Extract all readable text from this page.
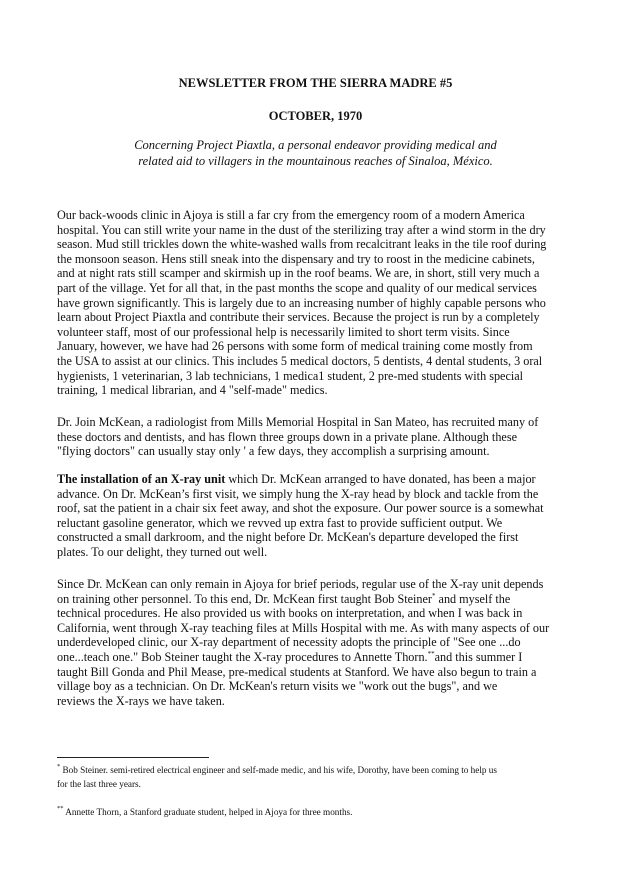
NEWSLETTER FROM THE SIERRA MADRE #5
OCTOBER, 1970
Concerning Project Piaxtla, a personal endeavor providing medical and
related aid to villagers in the mountainous reaches of Sinaloa, México.
Our back-woods clinic in Ajoya is still a far cry from the emergency room of a modern America
hospital. You can still write your name in the dust of the sterilizing tray after a wind storm in the dry
season. Mud still trickles down the white-washed walls from recalcitrant leaks in the tile roof during
the monsoon season. Hens still sneak into the dispensary and try to roost in the medicine cabinets,
and at night rats still scamper and skirmish up in the roof beams. We are, in short, still very much a
part of the village. Yet for all that, in the past months the scope and quality of our medical services
have grown significantly. This is largely due to an increasing number of highly capable persons who
learn about Project Piaxtla and contribute their services. Because the project is run by a completely
volunteer staff, most of our professional help is necessarily limited to short term visits. Since
January, however, we have had 26 persons with some form of medical training come mostly from
the USA to assist at our clinics. This includes 5 medical doctors, 5 dentists, 4 dental students, 3 oral
hygienists, 1 veterinarian, 3 lab technicians, 1 medica1 student, 2 pre-med students with special
training, 1 medical librarian, and 4 "self-made" medics.
Dr. Join McKean, a radiologist from Mills Memorial Hospital in San Mateo, has recruited many of
these doctors and dentists, and has flown three groups down in a private plane. Although these
"flying doctors" can usually stay only ' a few days, they accomplish a surprising amount.
The installation of an X-ray unit which Dr. McKean arranged to have donated, has been a major
advance. On Dr. McKean’s first visit, we simply hung the X-ray head by block and tackle from the
roof, sat the patient in a chair six feet away, and shot the exposure. Our power source is a somewhat
reluctant gasoline generator, which we revved up extra fast to provide sufficient output. We
constructed a small darkroom, and the night before Dr. McKean's departure developed the first
plates. To our delight, they turned out well.
Since Dr. McKean can only remain in Ajoya for brief periods, regular use of the X-ray unit depends
on training other personnel. To this end, Dr. McKean first taught Bob Steiner* and myself the
technical procedures. He also provided us with books on interpretation, and when I was back in
California, went through X-ray teaching files at Mills Hospital with me. As with many aspects of our
underdeveloped clinic, our X-ray department of necessity adopts the principle of "See one ...do
one...teach one." Bob Steiner taught the X-ray procedures to Annette Thorn.**and this summer I
taught Bill Gonda and Phil Mease, pre-medical students at Stanford. We have also begun to train a
village boy as a technician. On Dr. McKean's return visits we "work out the bugs", and we
reviews the X-rays we have taken.
* Bob Steiner. semi-retired electrical engineer and self-made medic, and his wife, Dorothy, have been coming to help us
for the last three years.
** Annette Thorn, a Stanford graduate student, helped in Ajoya for three months.
